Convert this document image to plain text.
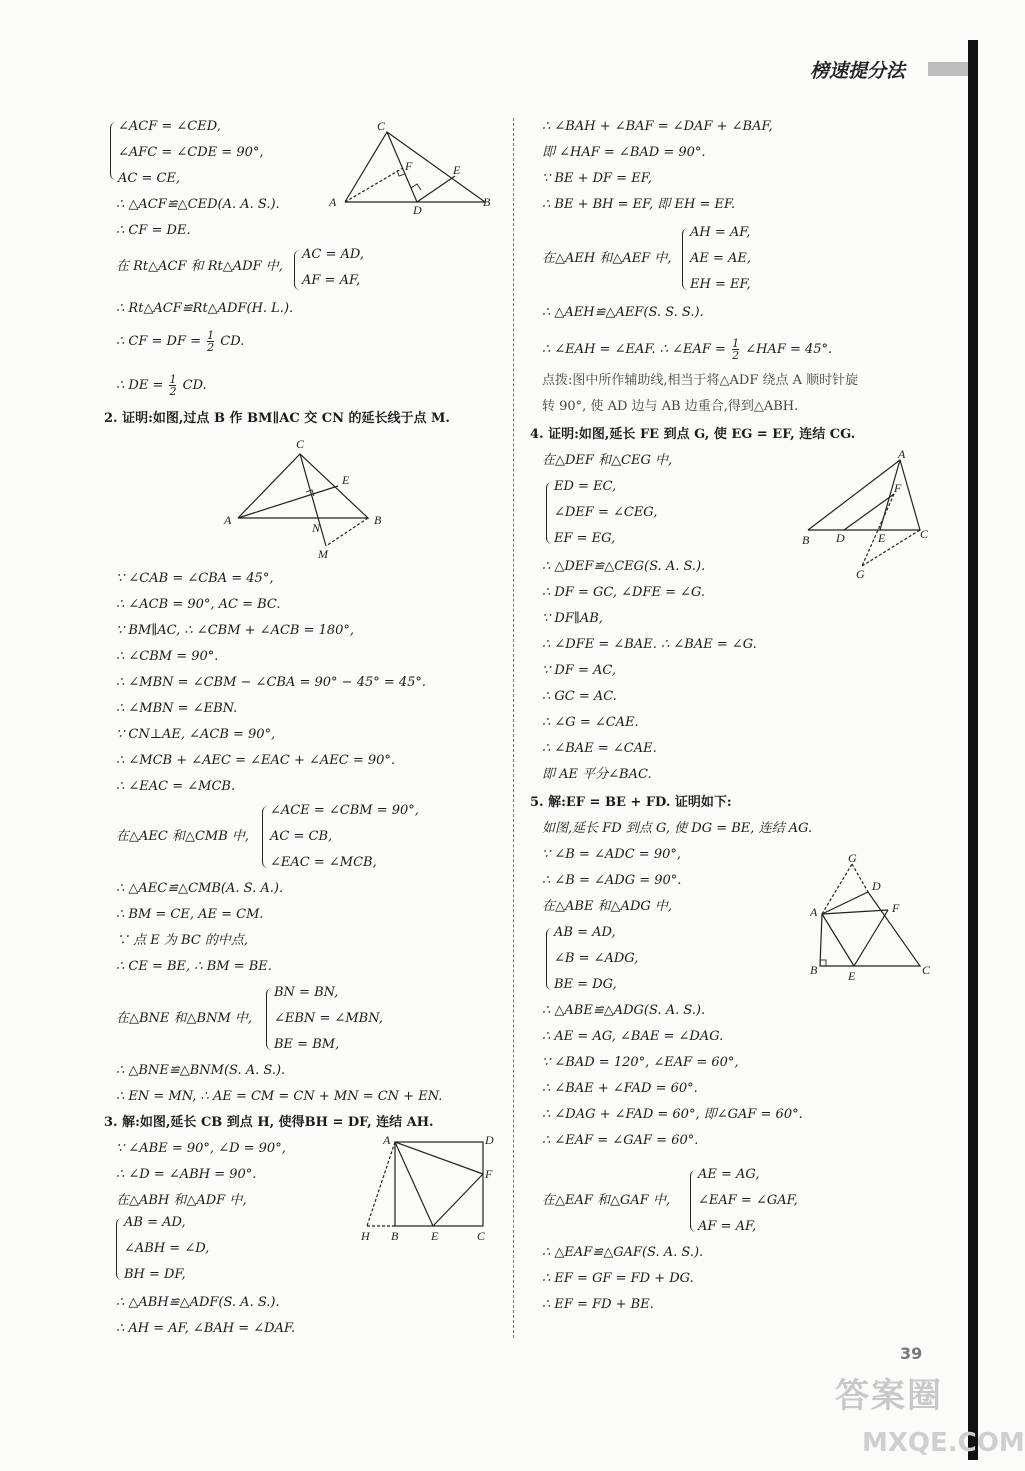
榜速提分法
∠ACF = ∠CED,
∠AFC = ∠CDE = 90°,
AC = CE,
∴ △ACF≌△CED(A. A. S.).
∴ CF = DE.
在 Rt△ACF 和 Rt△ADF 中,
AC = AD,
AF = AF,
∴ Rt△ACF≌Rt△ADF(H. L.).
∴ CF = DF = $\frac{1}{2}$ CD.
∴ DE = $\frac{1}{2}$ CD.
2. 证明:如图,过点 B 作 BM∥AC 交 CN 的延长线于点 M.
∵ ∠CAB = ∠CBA = 45°,
∴ ∠ACB = 90°, AC = BC.
∵ BM∥AC, ∴ ∠CBM + ∠ACB = 180°,
∴ ∠CBM = 90°.
∴ ∠MBN = ∠CBM − ∠CBA = 90° − 45° = 45°.
∴ ∠MBN = ∠EBN.
∵ CN⊥AE, ∠ACB = 90°,
∴ ∠MCB + ∠AEC = ∠EAC + ∠AEC = 90°.
∴ ∠EAC = ∠MCB.
在△AEC 和△CMB 中,
∠ACE = ∠CBM = 90°,
AC = CB,
∠EAC = ∠MCB,
∴ △AEC≌△CMB(A. S. A.).
∴ BM = CE, AE = CM.
∵ 点 E 为 BC 的中点,
∴ CE = BE, ∴ BM = BE.
在△BNE 和△BNM 中,
BN = BN,
∠EBN = ∠MBN,
BE = BM,
∴ △BNE≌△BNM(S. A. S.).
∴ EN = MN, ∴ AE = CM = CN + MN = CN + EN.
3. 解:如图,延长 CB 到点 H, 使得BH = DF, 连结 AH.
∵ ∠ABE = 90°, ∠D = 90°,
∴ ∠D = ∠ABH = 90°.
在△ABH 和△ADF 中,
AB = AD,
∠ABH = ∠D,
BH = DF,
∴ △ABH≌△ADF(S. A. S.).
∴ AH = AF, ∠BAH = ∠DAF.
∴ ∠BAH + ∠BAF = ∠DAF + ∠BAF,
即 ∠HAF = ∠BAD = 90°.
∵ BE + DF = EF,
∴ BE + BH = EF, 即 EH = EF.
在△AEH 和△AEF 中,
AH = AF,
AE = AE,
EH = EF,
∴ △AEH≌△AEF(S. S. S.).
∴ ∠EAH = ∠EAF. ∴ ∠EAF = $\frac{1}{2}$ ∠HAF = 45°.
点拨:图中所作辅助线,相当于将△ADF 绕点 A 顺时针旋
转 90°, 使 AD 边与 AB 边重合,得到△ABH.
4. 证明:如图,延长 FE 到点 G, 使 EG = EF, 连结 CG.
在△DEF 和△CEG 中,
ED = EC,
∠DEF = ∠CEG,
EF = EG,
∴ △DEF≌△CEG(S. A. S.).
∴ DF = GC, ∠DFE = ∠G.
∵ DF∥AB,
∴ ∠DFE = ∠BAE. ∴ ∠BAE = ∠G.
∵ DF = AC,
∴ GC = AC.
∴ ∠G = ∠CAE.
∴ ∠BAE = ∠CAE.
即 AE 平分∠BAC.
5. 解:EF = BE + FD. 证明如下:
如图,延长 FD 到点 G, 使 DG = BE, 连结 AG.
∵ ∠B = ∠ADC = 90°,
∴ ∠B = ∠ADG = 90°.
在△ABE 和△ADG 中,
AB = AD,
∠B = ∠ADG,
BE = DG,
∴ △ABE≌△ADG(S. A. S.).
∴ AE = AG, ∠BAE = ∠DAG.
∵ ∠BAD = 120°, ∠EAF = 60°,
∴ ∠BAE + ∠FAD = 60°.
∴ ∠DAG + ∠FAD = 60°, 即∠GAF = 60°.
∴ ∠EAF = ∠GAF = 60°.
在△EAF 和△GAF 中,
AE = AG,
∠EAF = ∠GAF,
AF = AF,
∴ △EAF≌△GAF(S. A. S.).
∴ EF = GF = FD + DG.
∴ EF = FD + BE.
C
F	E
A
D
B
C
E
A
N
B
M
A	D
F
H B	E	C
A
F
B D	E	C
G
G
D
F
A
B	E	C
39
答案圈
MXQE.COM
